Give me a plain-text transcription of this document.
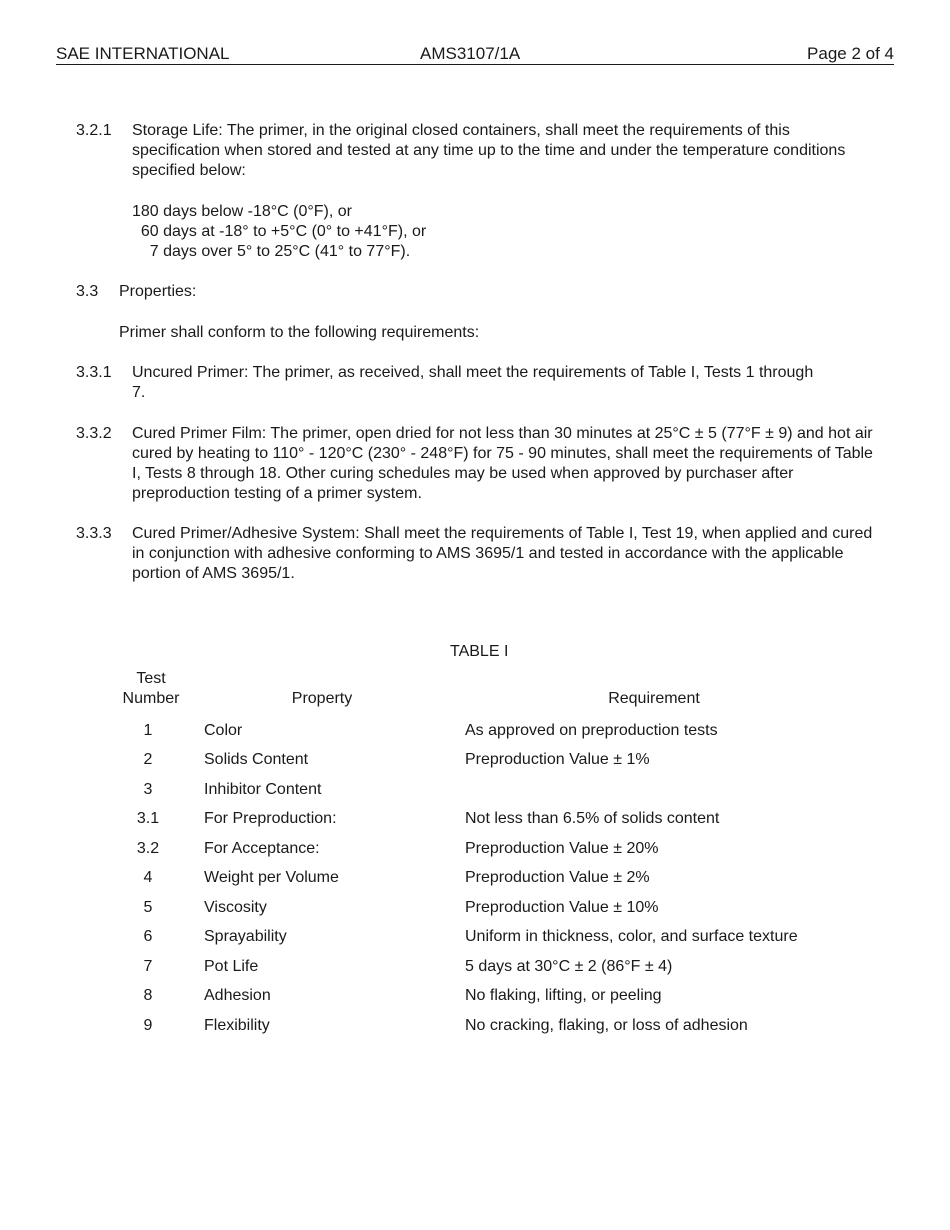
SAE INTERNATIONAL	AMS3107/1A	Page 2 of 4
3.2.1 Storage Life: The primer, in the original closed containers, shall meet the requirements of this specification when stored and tested at any time up to the time and under the temperature conditions specified below:
180 days below -18°C (0°F), or
60 days at -18° to +5°C (0° to +41°F), or
7 days over 5° to 25°C (41° to 77°F).
3.3 Properties:
Primer shall conform to the following requirements:
3.3.1 Uncured Primer: The primer, as received, shall meet the requirements of Table I, Tests 1 through 7.
3.3.2 Cured Primer Film: The primer, open dried for not less than 30 minutes at 25°C ± 5 (77°F ± 9) and hot air cured by heating to 110° - 120°C (230° - 248°F) for 75 - 90 minutes, shall meet the requirements of Table I, Tests 8 through 18. Other curing schedules may be used when approved by purchaser after preproduction testing of a primer system.
3.3.3 Cured Primer/Adhesive System: Shall meet the requirements of Table I, Test 19, when applied and cured in conjunction with adhesive conforming to AMS 3695/1 and tested in accordance with the applicable portion of AMS 3695/1.
TABLE I
Test
Number	Property	Requirement
1	Color	As approved on preproduction tests
2	Solids Content	Preproduction Value ± 1%
3	Inhibitor Content
3.1	For Preproduction:	Not less than 6.5% of solids content
3.2	For Acceptance:	Preproduction Value ± 20%
4	Weight per Volume	Preproduction Value ± 2%
5	Viscosity	Preproduction Value ± 10%
6	Sprayability	Uniform in thickness, color, and surface texture
7	Pot Life	5 days at 30°C ± 2 (86°F ± 4)
8	Adhesion	No flaking, lifting, or peeling
9	Flexibility	No cracking, flaking, or loss of adhesion
